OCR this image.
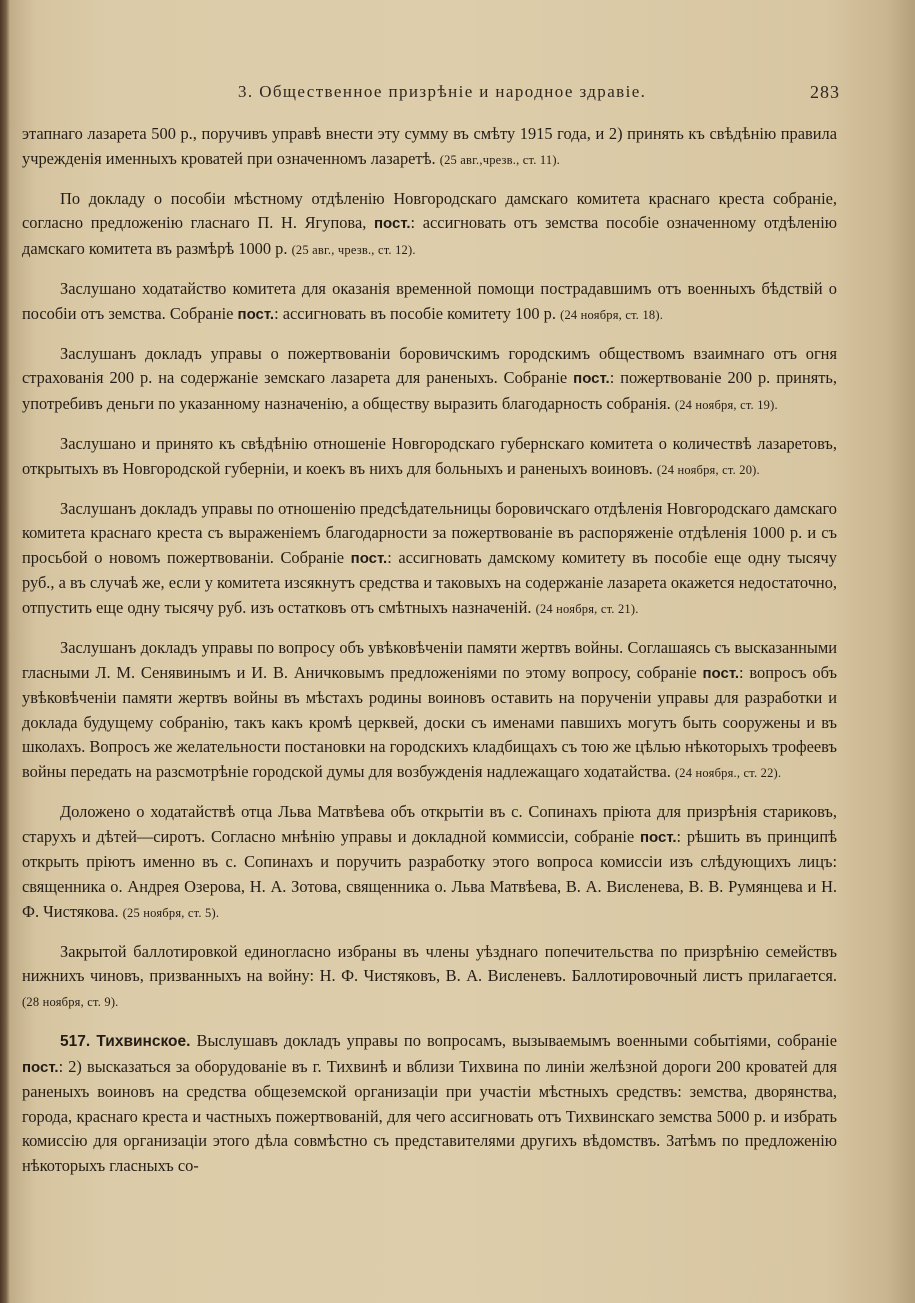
3. Общественное призрѣніе и народное здравіе.	283

этапнаго лазарета 500 р., поручивъ управѣ внести эту сумму въ смѣту 1915 года, и 2) принять къ свѣдѣнію правила учрежденія именныхъ кроватей при означенномъ лазаретѣ. (25 авг.,чрезв., ст. 11).

По докладу о пособіи мѣстному отдѣленію Новгородскаго дамскаго комитета краснаго креста собраніе, согласно предложенію гласнаго П. Н. Ягупова, пост.: ассигновать отъ земства пособіе означенному отдѣленію дамскаго комитета въ размѣрѣ 1000 р. (25 авг., чрезв., ст. 12).

Заслушано ходатайство комитета для оказанія временной помощи пострадавшимъ отъ военныхъ бѣдствій о пособіи отъ земства. Собраніе пост.: ассигновать въ пособіе комитету 100 р. (24 ноября, ст. 18).

Заслушанъ докладъ управы о пожертвованіи боровичскимъ городскимъ обществомъ взаимнаго отъ огня страхованія 200 р. на содержаніе земскаго лазарета для раненыхъ. Собраніе пост.: пожертвованіе 200 р. принять, употребивъ деньги по указанному назначенію, а обществу выразить благодарность собранія. (24 ноября, ст. 19).

Заслушано и принято къ свѣдѣнію отношеніе Новгородскаго губернскаго комитета о количествѣ лазаретовъ, открытыхъ въ Новгородской губерніи, и коекъ въ нихъ для больныхъ и раненыхъ воиновъ. (24 ноября, ст. 20).

Заслушанъ докладъ управы по отношенію предсѣдательницы боровичскаго отдѣленія Новгородскаго дамскаго комитета краснаго креста съ выраженіемъ благодарности за пожертвованіе въ распоряженіе отдѣленія 1000 р. и съ просьбой о новомъ пожертвованіи. Собраніе пост.: ассигновать дамскому комитету въ пособіе еще одну тысячу руб., а въ случаѣ же, если у комитета изсякнутъ средства и таковыхъ на содержаніе лазарета окажется недостаточно, отпустить еще одну тысячу руб. изъ остатковъ отъ смѣтныхъ назначеній. (24 ноября, ст. 21).

Заслушанъ докладъ управы по вопросу объ увѣковѣченіи памяти жертвъ войны. Соглашаясь съ высказанными гласными Л. М. Сенявинымъ и И. В. Аничковымъ предложеніями по этому вопросу, собраніе пост.: вопросъ объ увѣковѣченіи памяти жертвъ войны въ мѣстахъ родины воиновъ оставить на порученіи управы для разработки и доклада будущему собранію, такъ какъ кромѣ церквей, доски съ именами павшихъ могутъ быть сооружены и въ школахъ. Вопросъ же желательности постановки на городскихъ кладбищахъ съ тою же цѣлью нѣкоторыхъ трофеевъ войны передать на разсмотрѣніе городской думы для возбужденія надлежащаго ходатайства. (24 ноября., ст. 22).

Доложено о ходатайствѣ отца Льва Матвѣева объ открытіи въ с. Сопинахъ пріюта для призрѣнія стариковъ, старухъ и дѣтей—сиротъ. Согласно мнѣнію управы и докладной коммиссіи, собраніе пост.: рѣшить въ принципѣ открыть пріютъ именно въ с. Сопинахъ и поручить разработку этого вопроса комиссіи изъ слѣдующихъ лицъ: священника о. Андрея Озерова, Н. А. Зотова, священника о. Льва Матвѣева, В. А. Висленева, В. В. Румянцева и Н. Ф. Чистякова. (25 ноября, ст. 5).

Закрытой баллотировкой единогласно избраны въ члены уѣзднаго попечительства по призрѣнію семействъ нижнихъ чиновъ, призванныхъ на войну: Н. Ф. Чистяковъ, В. А. Висленевъ. Баллотировочный листъ прилагается. (28 ноября, ст. 9).

517. Тихвинское. Выслушавъ докладъ управы по вопросамъ, вызываемымъ военными событіями, собраніе пост.: 2) высказаться за оборудованіе въ г. Тихвинѣ и вблизи Тихвина по линіи желѣзной дороги 200 кроватей для раненыхъ воиновъ на средства общеземской организаціи при участіи мѣстныхъ средствъ: земства, дворянства, города, краснаго креста и частныхъ пожертвованій, для чего ассигновать отъ Тихвинскаго земства 5000 р. и избрать комиссію для организаціи этого дѣла совмѣстно съ представителями другихъ вѣдомствъ. Затѣмъ по предложенію нѣкоторыхъ гласныхъ со-
